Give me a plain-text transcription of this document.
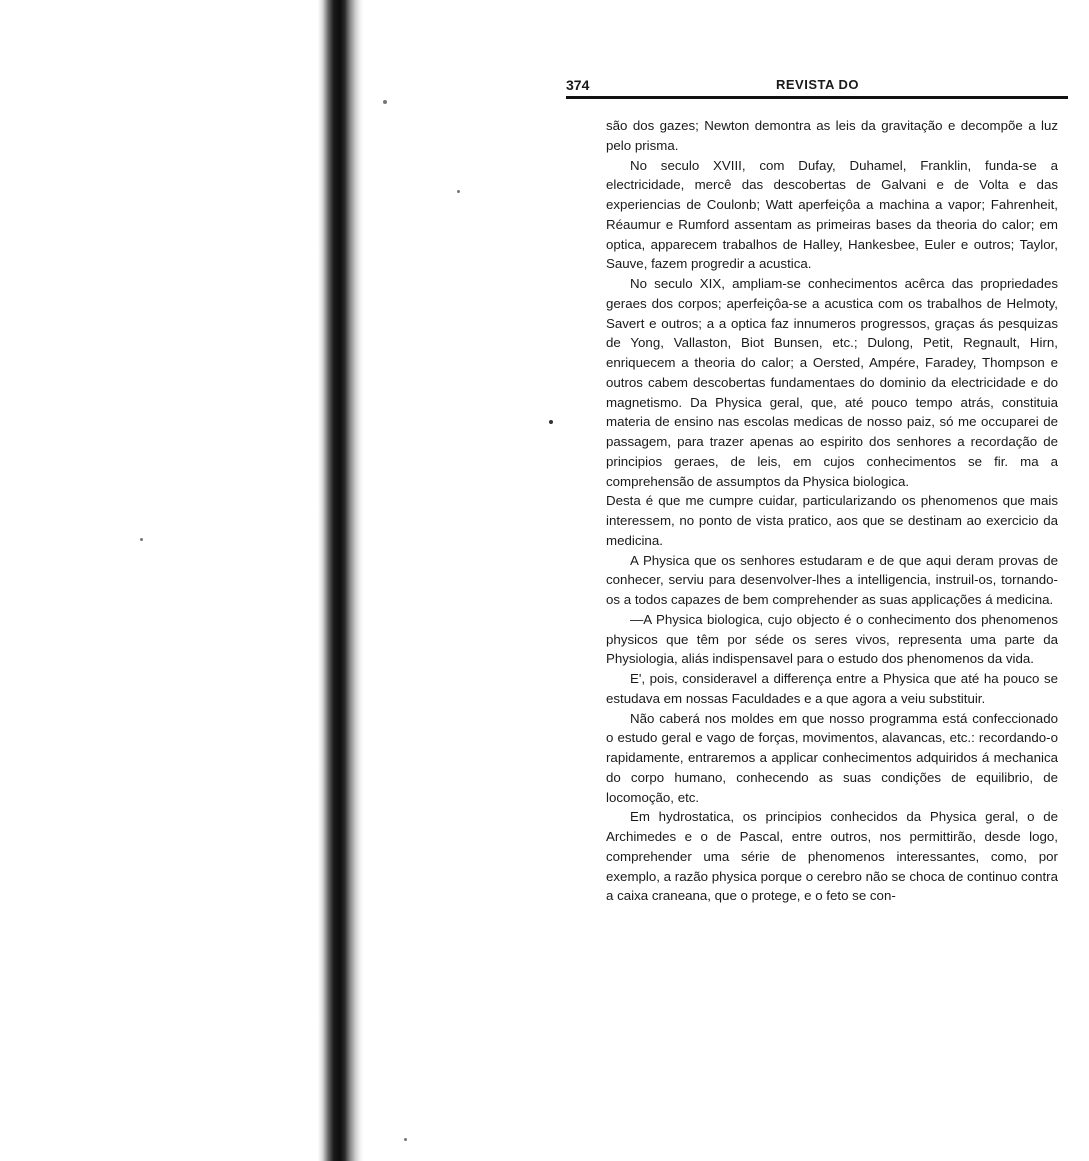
374	REVISTA DO

são dos gazes; Newton demontra as leis da gravitação e decompõe a luz pelo prisma.

No seculo XVIII, com Dufay, Duhamel, Franklin, funda-se a electricidade, mercê das descobertas de Galvani e de Volta e das experiencias de Coulonb; Watt aperfeiçôa a machina a vapor; Fahrenheit, Réaumur e Rumford assentam as primeiras bases da theoria do calor; em optica, apparecem trabalhos de Halley, Hankesbee, Euler e outros; Taylor, Sauve, fazem progredir a acustica.

No seculo XIX, ampliam-se conhecimentos acêrca das propriedades geraes dos corpos; aperfeiçôa-se a acustica com os trabalhos de Helmoty, Savert e outros; a a optica faz innumeros progressos, graças ás pesquizas de Yong, Vallaston, Biot Bunsen, etc.; Dulong, Petit, Regnault, Hirn, enriquecem a theoria do calor; a Oersted, Ampére, Faradey, Thompson e outros cabem descobertas fundamentaes do dominio da electricidade e do magnetismo. Da Physica geral, que, até pouco tempo atrás, constituia materia de ensino nas escolas medicas de nosso paiz, só me occuparei de passagem, para trazer apenas ao espirito dos senhores a recordação de principios geraes, de leis, em cujos conhecimentos se fir. ma a comprehensão de assumptos da Physica biologica.

Desta é que me cumpre cuidar, particularizando os phenomenos que mais interessem, no ponto de vista pratico, aos que se destinam ao exercicio da medicina.

A Physica que os senhores estudaram e de que aqui deram provas de conhecer, serviu para desenvolver-lhes a intelligencia, instruil-os, tornando-os a todos capazes de bem comprehender as suas applicações á medicina.

—A Physica biologica, cujo objecto é o conhecimento dos phenomenos physicos que têm por séde os seres vivos, representa uma parte da Physiologia, aliás indispensavel para o estudo dos phenomenos da vida.

E', pois, consideravel a differença entre a Physica que até ha pouco se estudava em nossas Faculdades e a que agora a veiu substituir.

Não caberá nos moldes em que nosso programma está confeccionado o estudo geral e vago de forças, movimentos, alavancas, etc.: recordando-o rapidamente, entraremos a applicar conhecimentos adquiridos á mechanica do corpo humano, conhecendo as suas condições de equilibrio, de locomoção, etc.

Em hydrostatica, os principios conhecidos da Physica geral, o de Archimedes e o de Pascal, entre outros, nos permittirão, desde logo, comprehender uma série de phenomenos interessantes, como, por exemplo, a razão physica porque o cerebro não se choca de continuo contra a caixa craneana, que o protege, e o feto se con-
